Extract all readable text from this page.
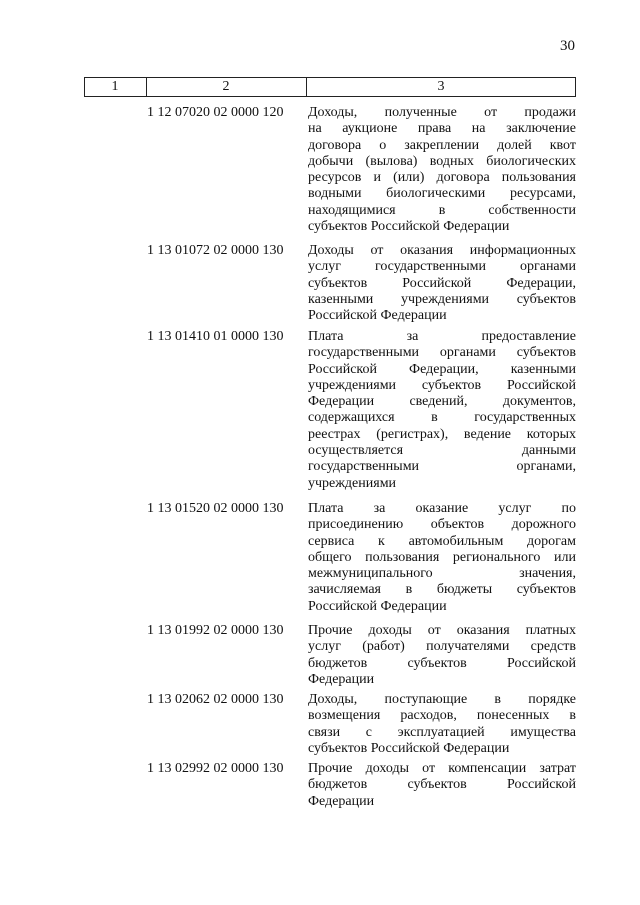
30
1	2	3
1 12 07020 02 0000 120 Доходы, полученные от продажи
на аукционе права на заключение
договора о закреплении долей квот
добычи (вылова) водных биологических
ресурсов и (или) договора пользования
водными биологическими ресурсами,
находящимися в собственности
субъектов Российской Федерации
1 13 01072 02 0000 130 Доходы от оказания информационных
услуг государственными органами
субъектов Российской Федерации,
казенными учреждениями субъектов
Российской Федерации
1 13 01410 01 0000 130 Плата за предоставление
государственными органами субъектов
Российской Федерации, казенными
учреждениями субъектов Российской
Федерации сведений, документов,
содержащихся в государственных
реестрах (регистрах), ведение которых
осуществляется данными
государственными органами,
учреждениями
1 13 01520 02 0000 130 Плата за оказание услуг по
присоединению объектов дорожного
сервиса к автомобильным дорогам
общего пользования регионального или
межмуниципального значения,
зачисляемая в бюджеты субъектов
Российской Федерации
1 13 01992 02 0000 130 Прочие доходы от оказания платных
услуг (работ) получателями средств
бюджетов субъектов Российской
Федерации
1 13 02062 02 0000 130 Доходы, поступающие в порядке
возмещения расходов, понесенных в
связи с эксплуатацией имущества
субъектов Российской Федерации
1 13 02992 02 0000 130 Прочие доходы от компенсации затрат
бюджетов субъектов Российской
Федерации
